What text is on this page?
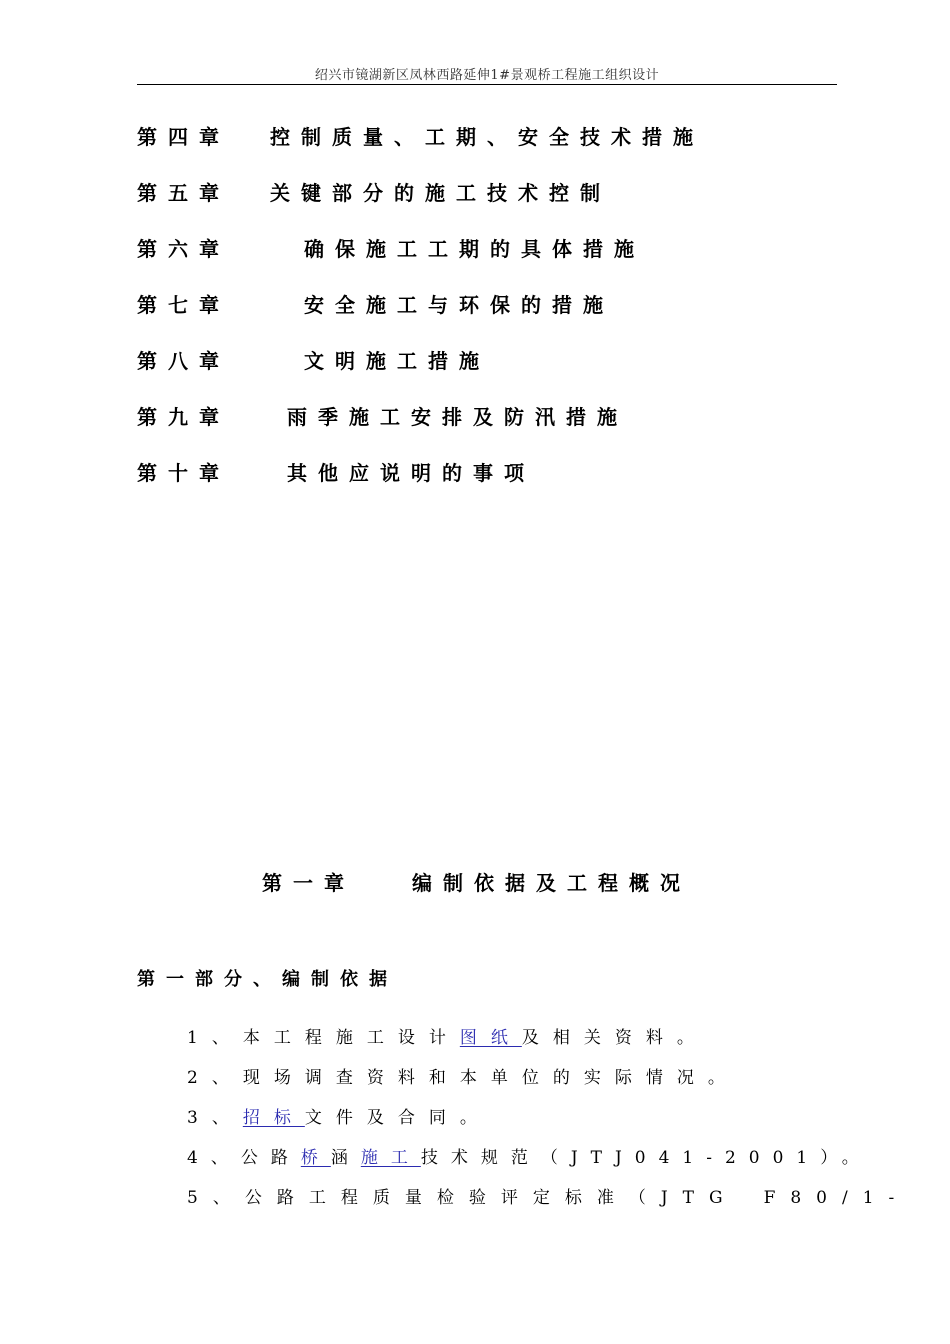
绍兴市镜湖新区凤林西路延伸1#景观桥工程施工组织设计
第四章 控制质量、工期、安全技术措施
第五章 关键部分的施工技术控制
第六章	确保施工工期的具体措施
第七章	安全施工与环保的措施
第八章	文明施工措施
第九章	雨季施工安排及防汛措施
第十章	其他应说明的事项
第一章	编制依据及工程概况
第一部分、编制依据
1、本工程施工设计图纸及相关资料。
2、现场调查资料和本单位的实际情况。
3、招标文件及合同。
4、公路桥涵施工技术规范（JTJ041-2001）。
5、公路工程质量检验评定标准（JTG F80/1-
